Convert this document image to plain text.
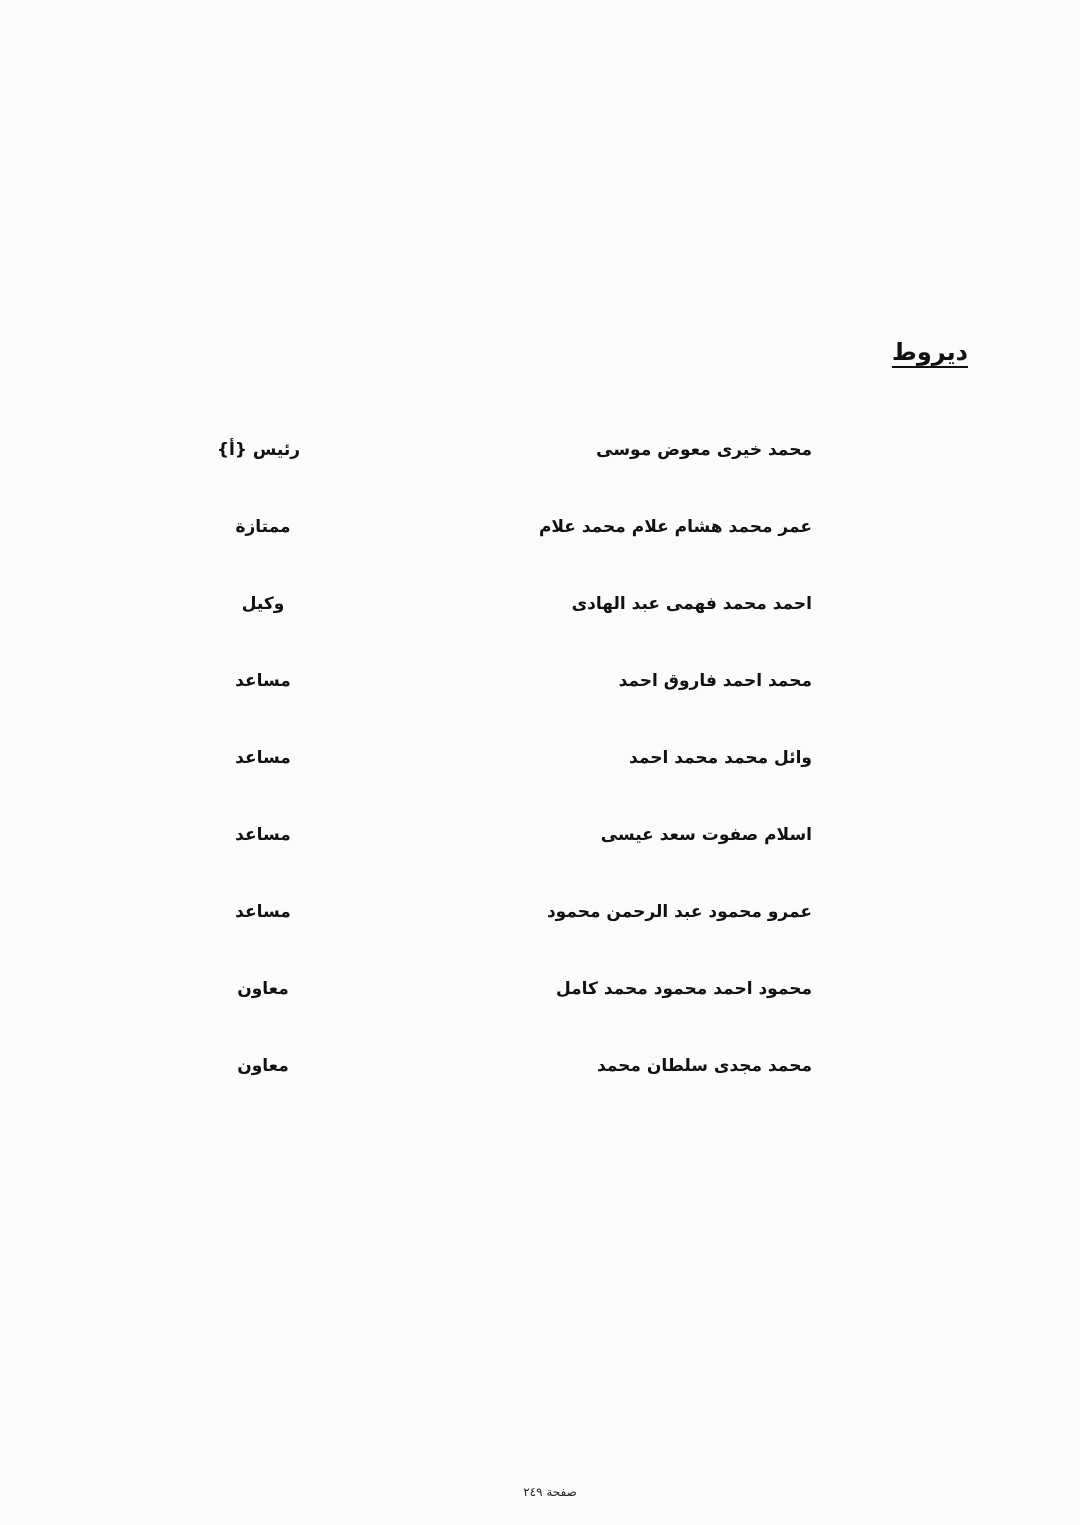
ديروط
محمد خيرى معوض موسى
رئيس {أ}
عمر محمد هشام علام محمد علام
ممتازة
احمد محمد فهمى عبد الهادى
وكيل
محمد احمد فاروق احمد
مساعد
وائل محمد محمد احمد
مساعد
اسلام صفوت سعد عيسى
مساعد
عمرو محمود عبد الرحمن محمود
مساعد
محمود احمد محمود محمد كامل
معاون
محمد مجدى سلطان محمد
معاون
صفحة ٢٤٩
